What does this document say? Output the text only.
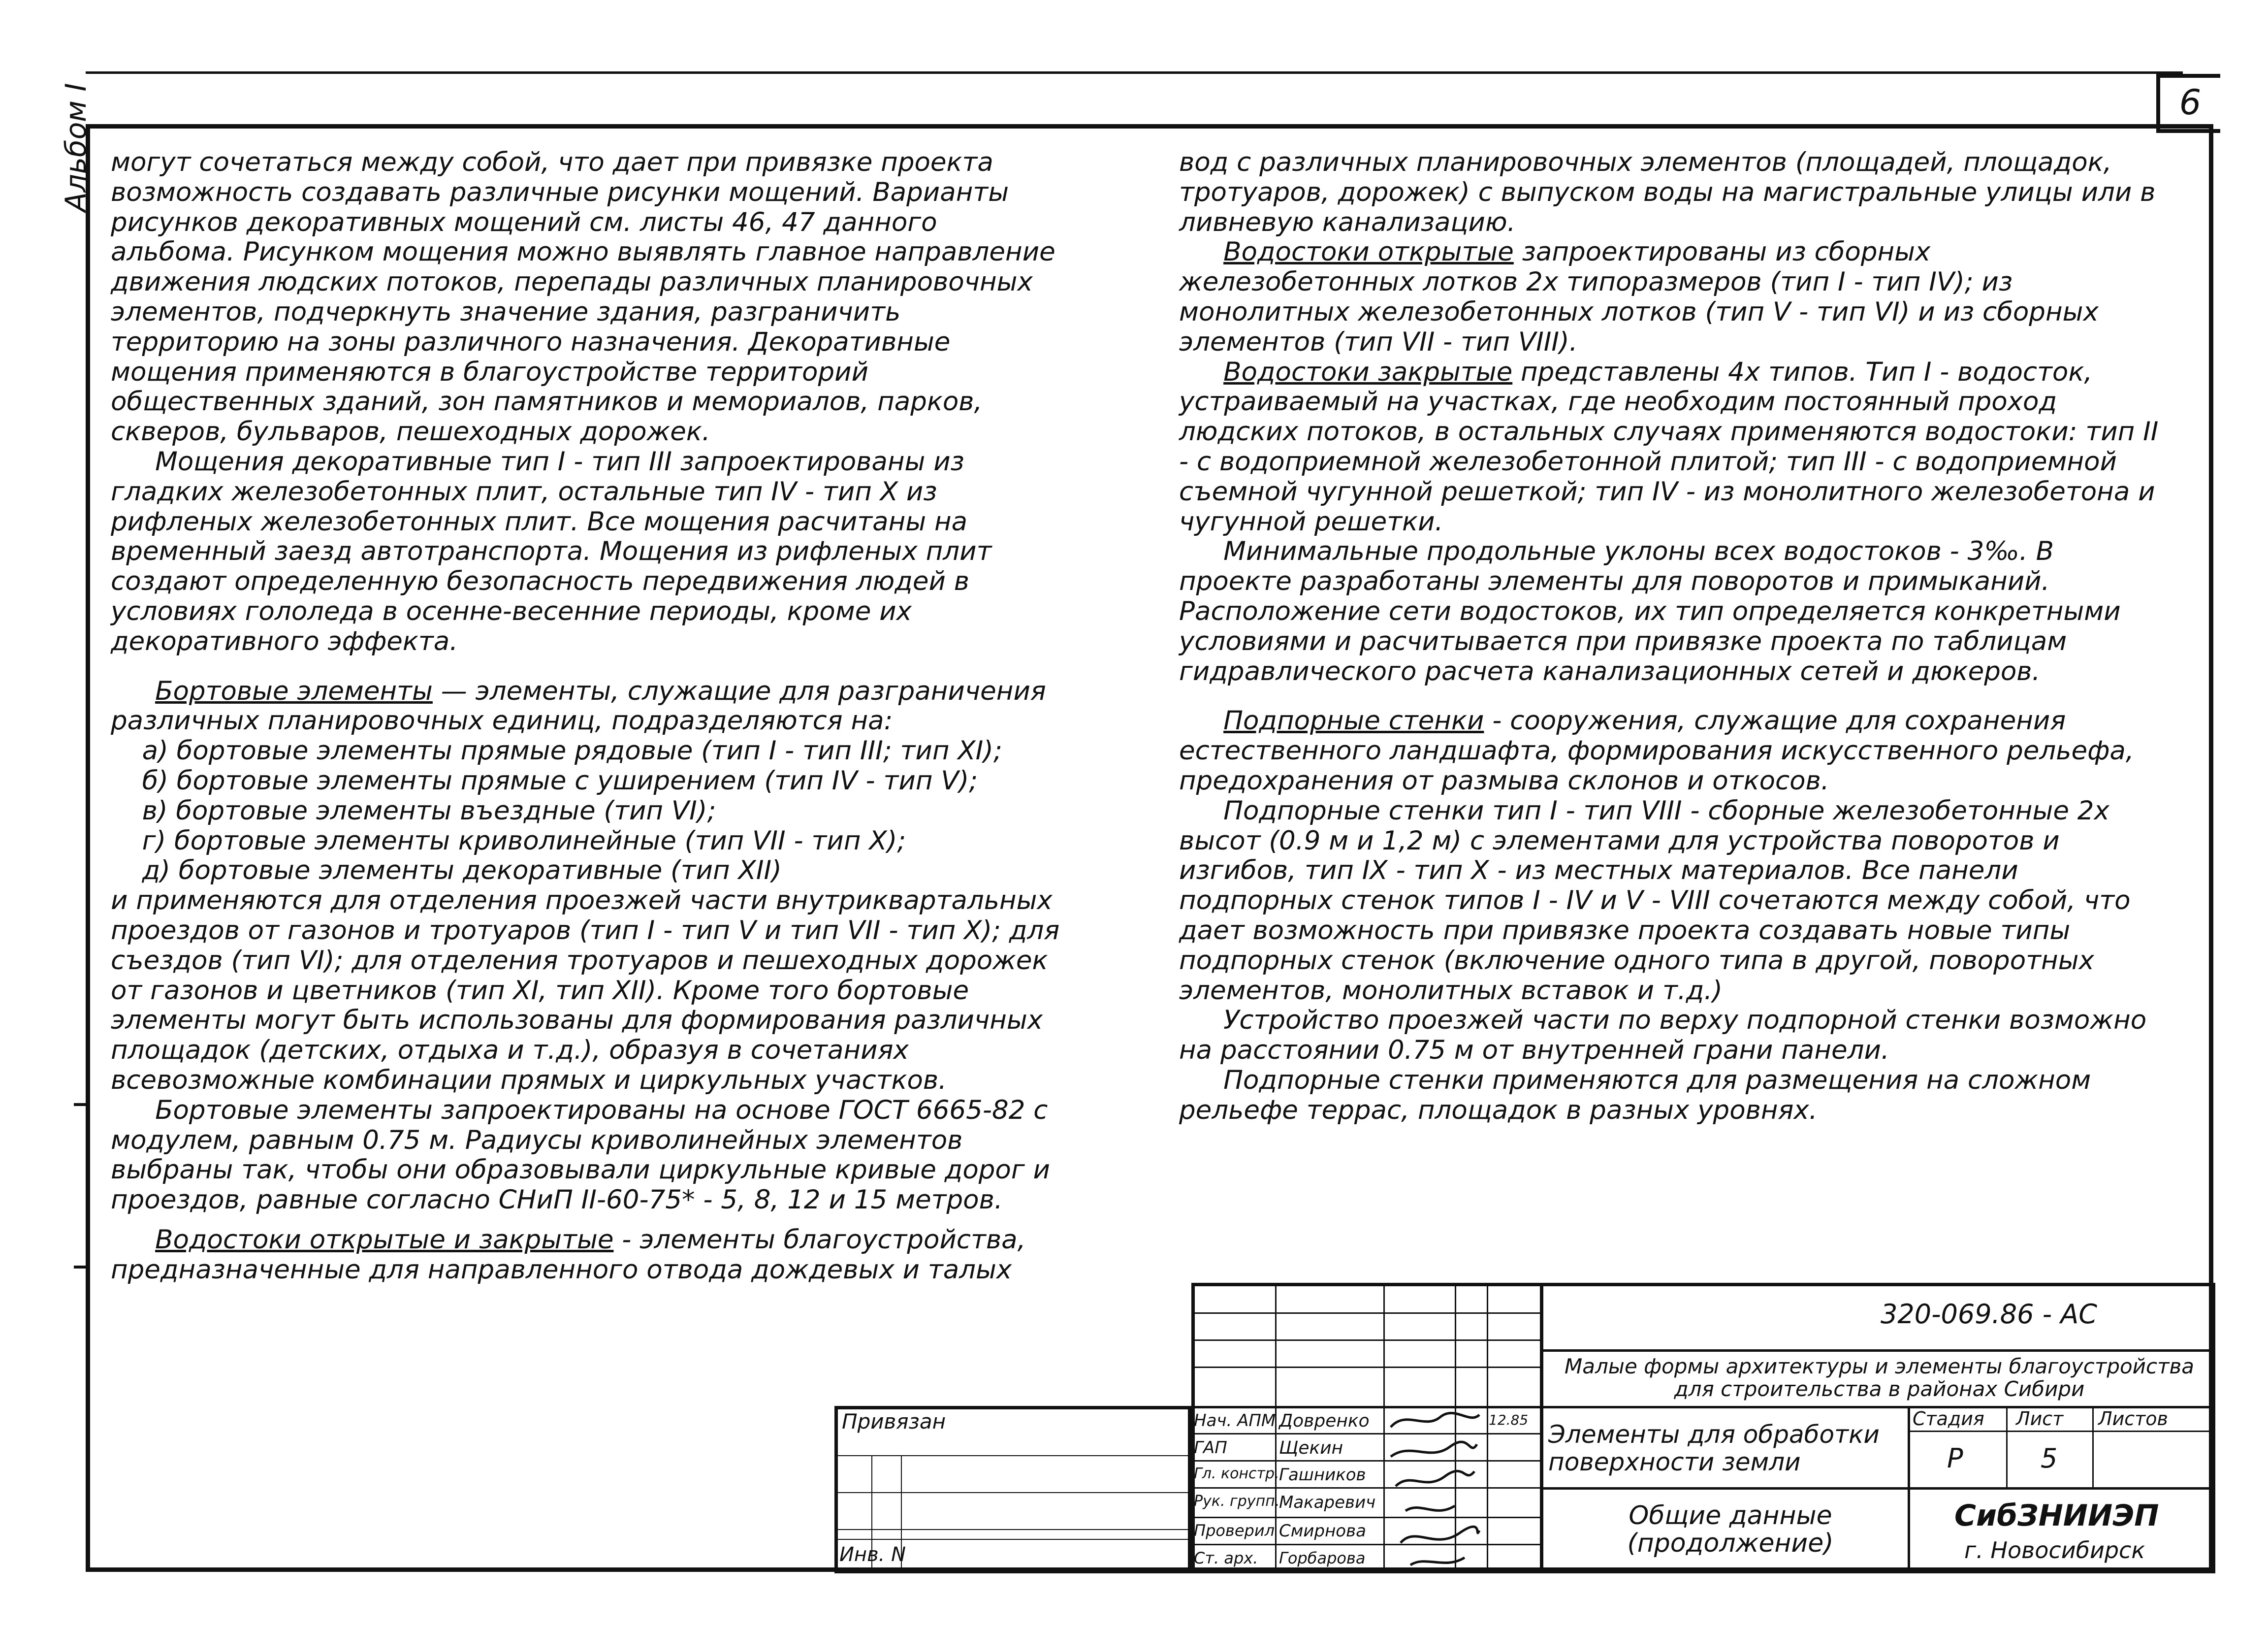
6
Альбом I могут сочетаться между собой, что дает при привязке проекта возможность создавать различные рисунки мощений. Варианты рисунков декоративных мощений см. листы 46, 47 данного альбома. Рисунком мощения можно выявлять главное направление движения людских потоков, перепады различных планировочных элементов, подчеркнуть значение здания, разграничить территорию на зоны различного назначения. Декоративные мощения применяются в благоустройстве территорий общественных зданий, зон памятников и мемориалов, парков, скверов, бульваров, пешеходных дорожек.

Мощения декоративные тип I - тип III запроектированы из гладких железобетонных плит, остальные тип IV - тип X из рифленых железобетонных плит. Все мощения расчитаны на временный заезд автотранспорта. Мощения из рифленых плит создают определенную безопасность передвижения людей в условиях гололеда в осенне-весенние периоды, кроме их декоративного эффекта.

Бортовые элементы — элементы, служащие для разграничения различных планировочных единиц, подразделяются на:

а) бортовые элементы прямые рядовые (тип I - тип III; тип XI);

б) бортовые элементы прямые с уширением (тип IV - тип V);

в) бортовые элементы въездные (тип VI);

г) бортовые элементы криволинейные (тип VII - тип X);

д) бортовые элементы декоративные (тип XII)

и применяются для отделения проезжей части внутриквартальных проездов от газонов и тротуаров (тип I - тип V и тип VII - тип X); для съездов (тип VI); для отделения тротуаров и пешеходных дорожек от газонов и цветников (тип XI, тип XII). Кроме того бортовые элементы могут быть использованы для формирования различных площадок (детских, отдыха и т.д.), образуя в сочетаниях всевозможные комбинации прямых и циркульных участков.

Бортовые элементы запроектированы на основе ГОСТ 6665-82 с модулем, равным 0.75 м. Радиусы криволинейных элементов выбраны так, чтобы они образовывали циркульные кривые дорог и проездов, равные согласно СНиП II-60-75* - 5, 8, 12 и 15 метров.

Водостоки открытые и закрытые - элементы благоустройства, предназначенные для направленного отвода дождевых и талых

вод с различных планировочных элементов (площадей, площадок, тротуаров, дорожек) с выпуском воды на магистральные улицы или в ливневую канализацию.

Водостоки открытые запроектированы из сборных железобетонных лотков 2х типоразмеров (тип I - тип IV); из монолитных железобетонных лотков (тип V - тип VI) и из сборных элементов (тип VII - тип VIII).

Водостоки закрытые представлены 4х типов. Тип I - водосток, устраиваемый на участках, где необходим постоянный проход людских потоков, в остальных случаях применяются водостоки: тип II - с водоприемной железобетонной плитой; тип III - с водоприемной съемной чугунной решеткой; тип IV - из монолитного железобетона и чугунной решетки.

Минимальные продольные уклоны всех водостоков - 3‰. В проекте разработаны элементы для поворотов и примыканий. Расположение сети водостоков, их тип определяется конкретными условиями и расчитывается при привязке проекта по таблицам гидравлического расчета канализационных сетей и дюкеров.

Подпорные стенки - сооружения, служащие для сохранения естественного ландшафта, формирования искусственного рельефа, предохранения от размыва склонов и откосов.

Подпорные стенки тип I - тип VIII - сборные железобетонные 2х высот (0.9 м и 1,2 м) с элементами для устройства поворотов и изгибов, тип IX - тип X - из местных материалов. Все панели подпорных стенок типов I - IV и V - VIII сочетаются между собой, что дает возможность при привязке проекта создавать новые типы подпорных стенок (включение одного типа в другой, поворотных элементов, монолитных вставок и т.д.)

Устройство проезжей части по верху подпорной стенки возможно на расстоянии 0.75 м от внутренней грани панели.

Подпорные стенки применяются для размещения на сложном рельефе террас, площадок в разных уровнях.

Привязан
Инв. N
Нач. АПМ
ГАП
Гл. констр.
Рук. групп.
Проверил
Ст. арх.
Довренко
Щекин
Гашников
Макаревич
Смирнова
Горбарова
12.85
320-069.86 - АС
Малые формы архитектуры и элементы благоустройства для строительства в районах Сибири
Элементы для обработки поверхности земли
Стадия Лист Листов
Р	5
Общие данные (продолжение)
СибЗНИИЭП
г. Новосибирск
